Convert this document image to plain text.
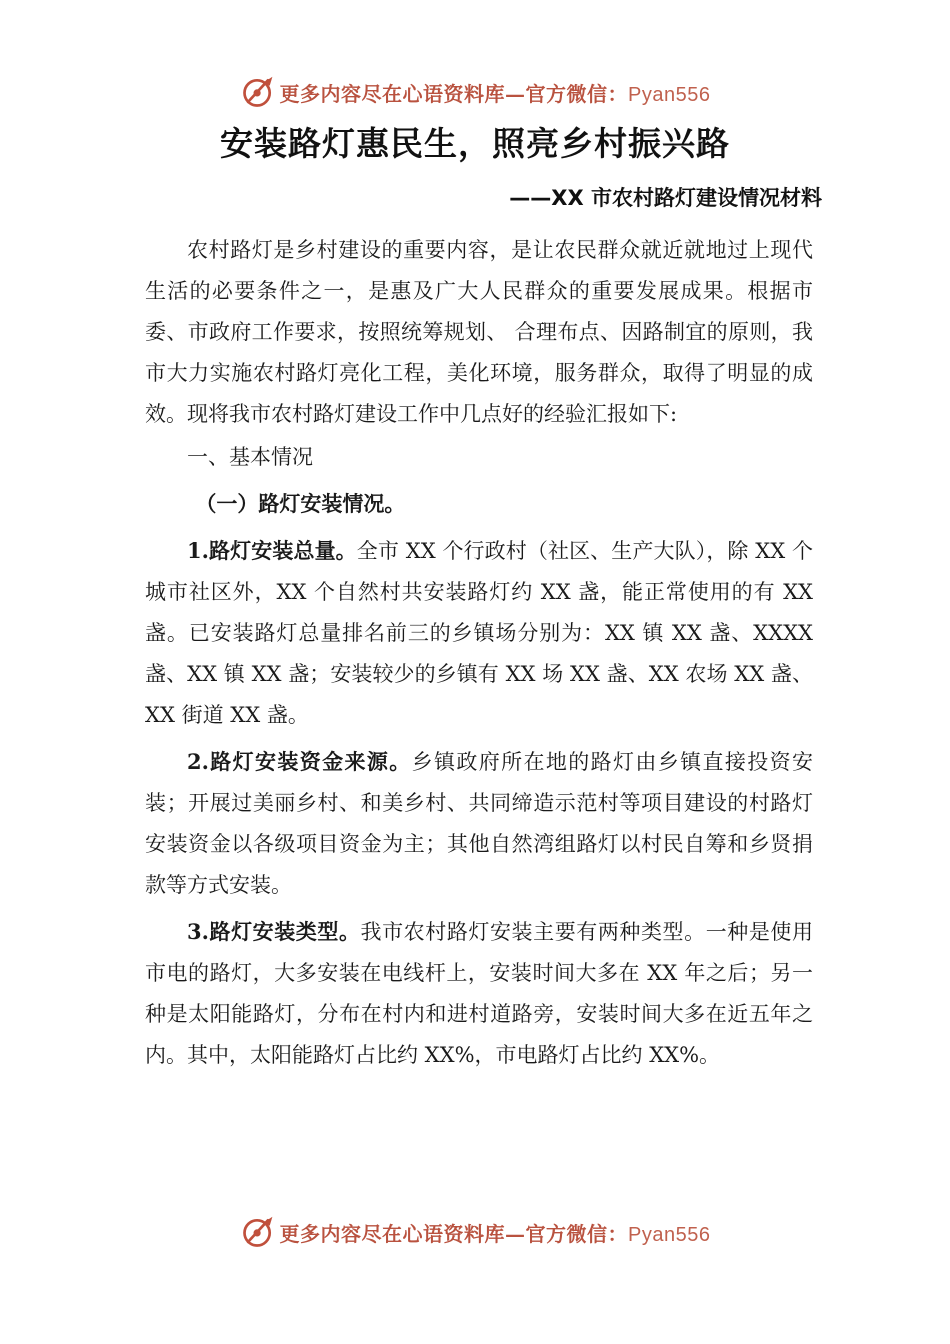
更多内容尽在心语资料库—官方微信：Pyan556
安装路灯惠民生，照亮乡村振兴路
——XX 市农村路灯建设情况材料

农村路灯是乡村建设的重要内容，是让农民群众就近就地过上现代生活的必要条件之一，是惠及广大人民群众的重要发展成果。根据市委、市政府工作要求，按照统筹规划、 合理布点、因路制宜的原则，我市大力实施农村路灯亮化工程，美化环境，服务群众，取得了明显的成效。现将我市农村路灯建设工作中几点好的经验汇报如下:

一、基本情况
（一）路灯安装情况。

1.路灯安装总量。全市 XX 个行政村（社区、生产大队），除 XX 个城市社区外，XX 个自然村共安装路灯约 XX 盏，能正常使用的有 XX 盏。已安装路灯总量排名前三的乡镇场分别为：XX 镇 XX 盏、XXXX 盏、XX 镇 XX 盏；安装较少的乡镇有 XX 场 XX 盏、XX 农场 XX 盏、XX 街道 XX 盏。

2.路灯安装资金来源。乡镇政府所在地的路灯由乡镇直接投资安装；开展过美丽乡村、和美乡村、共同缔造示范村等项目建设的村路灯安装资金以各级项目资金为主；其他自然湾组路灯以村民自筹和乡贤捐款等方式安装。

3.路灯安装类型。我市农村路灯安装主要有两种类型。一种是使用市电的路灯，大多安装在电线杆上，安装时间大多在 XX 年之后；另一种是太阳能路灯，分布在村内和进村道路旁，安装时间大多在近五年之内。其中，太阳能路灯占比约 XX%，市电路灯占比约 XX%。

更多内容尽在心语资料库—官方微信：Pyan556
